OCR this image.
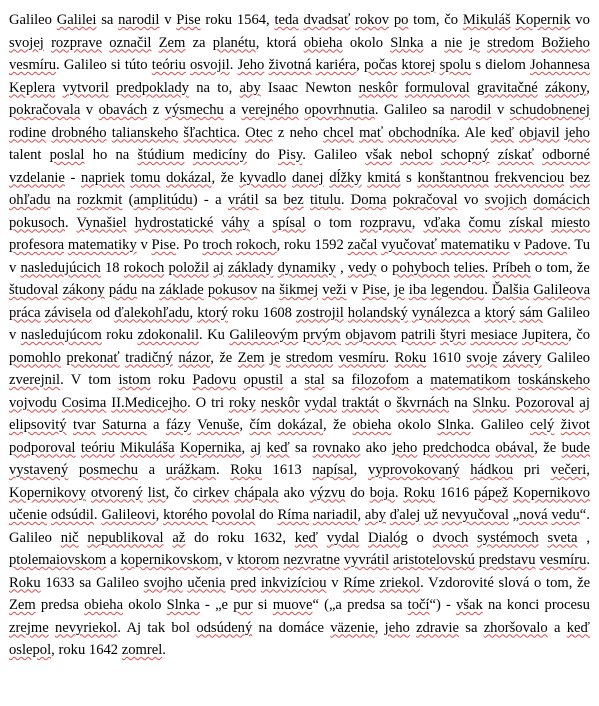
Galileo Galilei sa narodil v Pise roku 1564, teda dvadsať rokov po tom, čo Mikuláš Kopernik vo svojej rozprave označil Zem za planétu, ktorá obieha okolo Slnka a nie je stredom Božieho vesmíru. Galileo si túto teóriu osvojil. Jeho životná kariéra, počas ktorej spolu s dielom Johannesa Keplera vytvoril predpoklady na to, aby Isaac Newton neskôr formuloval gravitačné zákony, pokračovala v obavách z výsmechu a verejného opovrhnutia. Galileo sa narodil v schudobnenej rodine drobného talianskeho šľachtica. Otec z neho chcel mať obchodníka. Ale keď objavil jeho talent poslal ho na štúdium medicíny do Pisy. Galileo však nebol schopný získať odborné vzdelanie - napriek tomu dokázal, že kyvadlo danej dĺžky kmitá s konštantnou frekvenciou bez ohľadu na rozkmit (amplitúdu) - a vrátil sa bez titulu. Doma pokračoval vo svojich domácich pokusoch. Vynašiel hydrostatické váhy a spísal o tom rozpravu, vďaka čomu získal miesto profesora matematiky v Pise. Po troch rokoch, roku 1592 začal vyučovať matematiku v Padove. Tu v nasledujúcich 18 rokoch položil aj základy dynamiky , vedy o pohyboch telies. Príbeh o tom, že študoval zákony pádu na základe pokusov na šikmej veži v Pise, je iba legendou. Ďalšia Galileova práca závisela od ďalekohľadu, ktorý roku 1608 zostrojil holandský vynálezca a ktorý sám Galileo v nasledujúcom roku zdokonalil. Ku Galileovým prvým objavom patrili štyri mesiace Jupitera, čo pomohlo prekonať tradičný názor, že Zem je stredom vesmíru. Roku 1610 svoje závery Galileo zverejnil. V tom istom roku Padovu opustil a stal sa filozofom a matematikom toskánskeho vojvodu Cosima II.Medicejho. O tri roky neskôr vydal traktát o škvrnách na Slnku. Pozoroval aj elipsovitý tvar Saturna a fázy Venuše, čím dokázal, že obieha okolo Slnka. Galileo celý život podporoval teóriu Mikuláša Kopernika, aj keď sa rovnako ako jeho predchodca obával, že bude vystavený posmechu a urážkam. Roku 1613 napísal, vyprovokovaný hádkou pri večeri, Kopernikovy otvorený list, čo cirkev chápala ako výzvu do boja. Roku 1616 pápež Kopernikovo učenie odsúdil. Galileovi, ktorého povolal do Ríma nariadil, aby ďalej už nevyučoval „nová vedu“. Galileo nič nepublikoval až do roku 1632, keď vydal Dialóg o dvoch systémoch sveta , ptolemaiovskom a kopernikovskom, v ktorom nezvratne vyvrátil aristotelovskú predstavu vesmíru. Roku 1633 sa Galileo svojho učenia pred inkvizíciou v Ríme zriekol. Vzdorovité slová o tom, že Zem predsa obieha okolo Slnka - „e pur si muove“ („a predsa sa točí“) - však na konci procesu zrejme nevyriekol. Aj tak bol odsúdený na domáce väzenie, jeho zdravie sa zhoršovalo a keď oslepol, roku 1642 zomrel.
